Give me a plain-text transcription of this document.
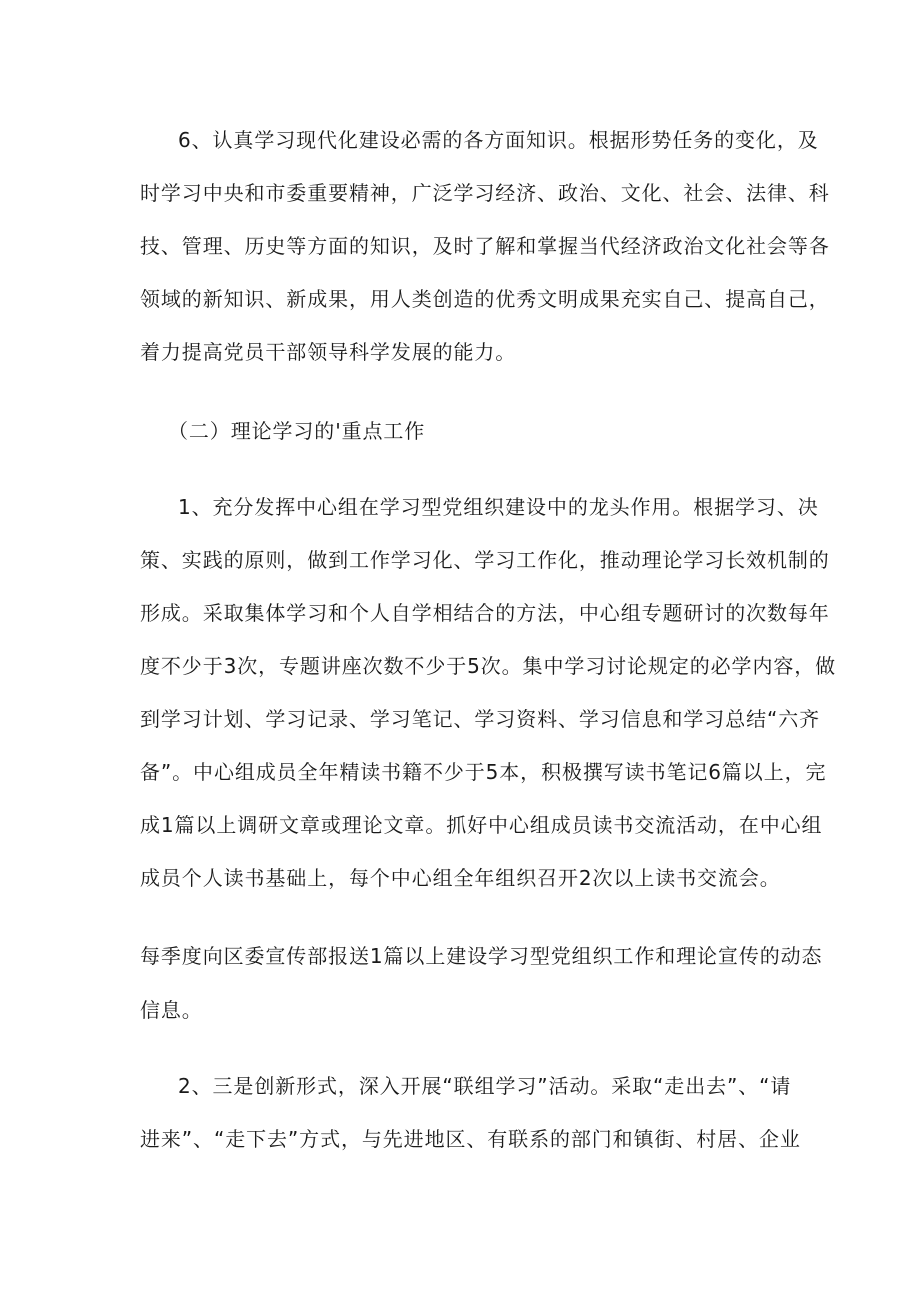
6、认真学习现代化建设必需的各方面知识。根据形势任务的变化，及

时学习中央和市委重要精神，广泛学习经济、政治、文化、社会、法律、科

技、管理、历史等方面的知识，及时了解和掌握当代经济政治文化社会等各

领域的新知识、新成果，用人类创造的优秀文明成果充实自己、提高自己，

着力提高党员干部领导科学发展的能力。

（二）理论学习的'重点工作

1、充分发挥中心组在学习型党组织建设中的龙头作用。根据学习、决

策、实践的原则，做到工作学习化、学习工作化，推动理论学习长效机制的

形成。采取集体学习和个人自学相结合的方法，中心组专题研讨的次数每年

度不少于3次，专题讲座次数不少于5次。集中学习讨论规定的必学内容，做

到学习计划、学习记录、学习笔记、学习资料、学习信息和学习总结“六齐

备”。中心组成员全年精读书籍不少于5本，积极撰写读书笔记6篇以上，完

成1篇以上调研文章或理论文章。抓好中心组成员读书交流活动，在中心组

成员个人读书基础上，每个中心组全年组织召开2次以上读书交流会。

每季度向区委宣传部报送1篇以上建设学习型党组织工作和理论宣传的动态

信息。

2、三是创新形式，深入开展“联组学习”活动。采取“走出去”、“请

进来”、“走下去”方式，与先进地区、有联系的部门和镇街、村居、企业
